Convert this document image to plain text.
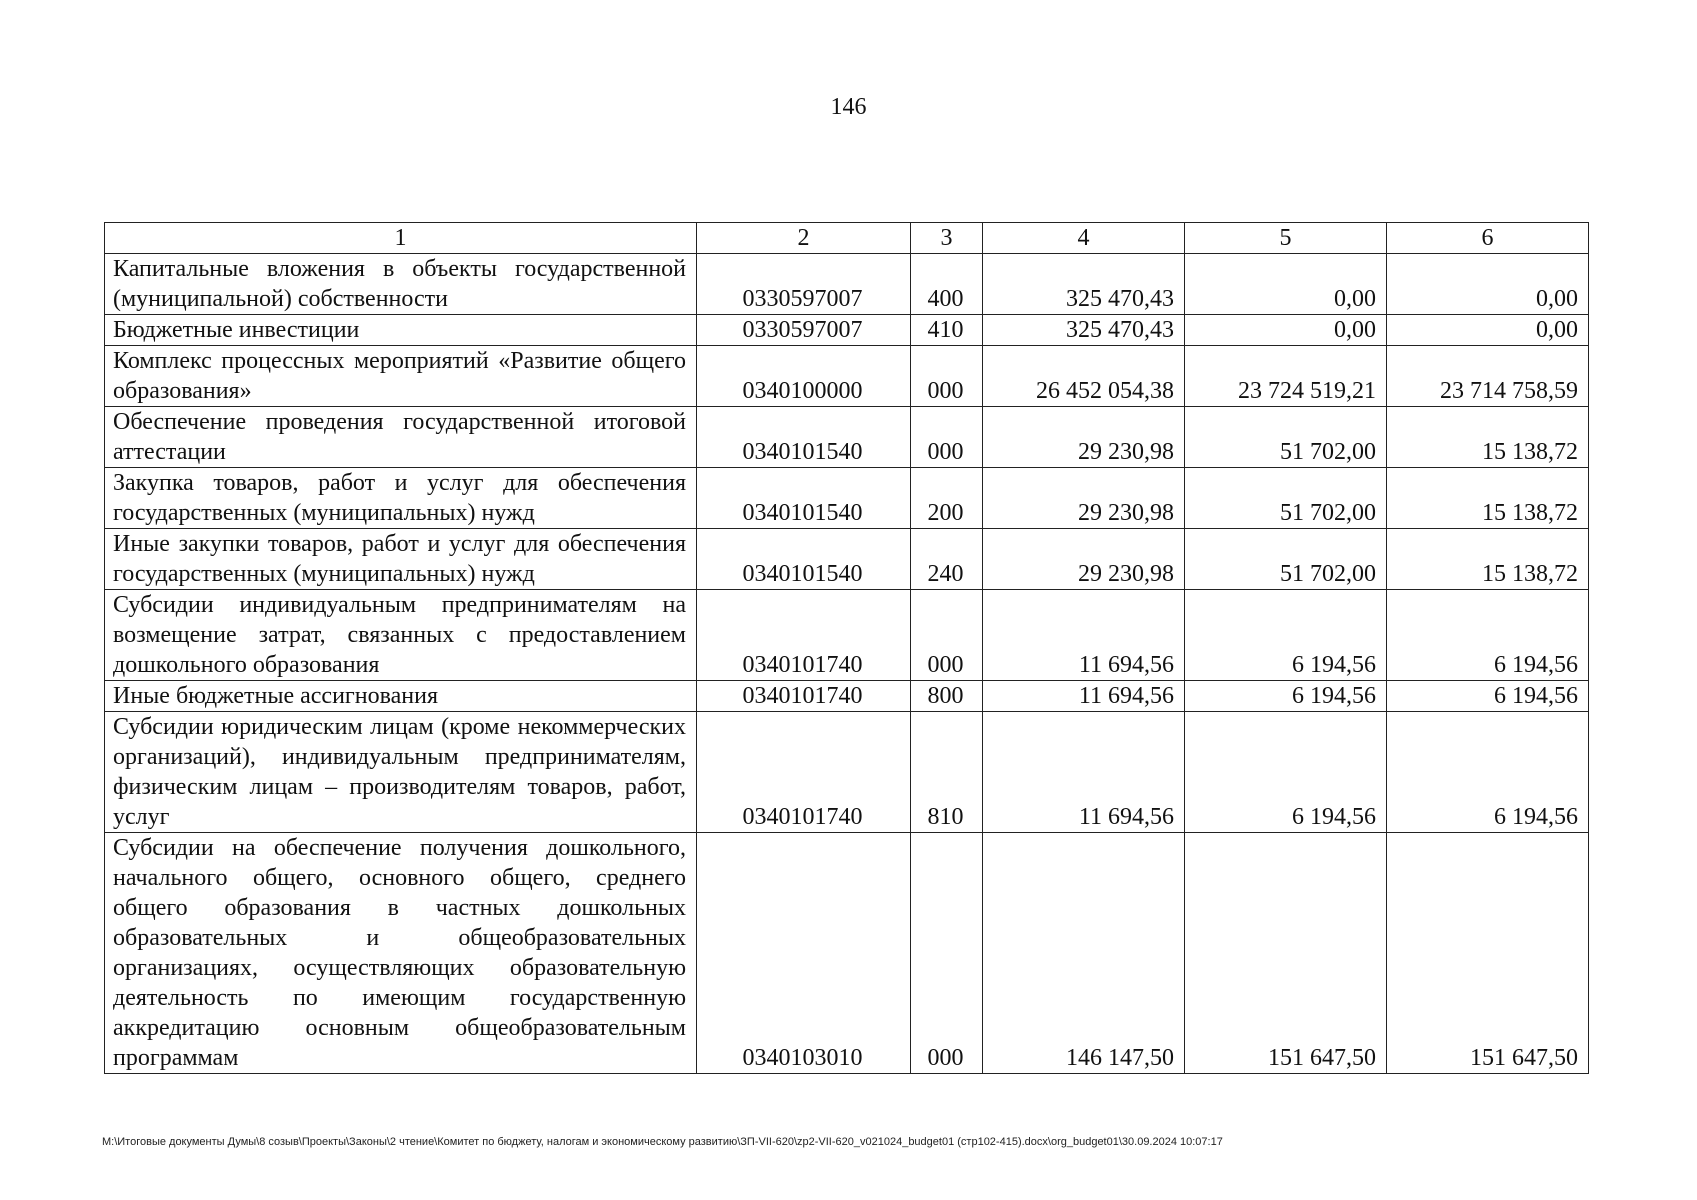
146
1	2	3	4	5	6
Капитальные вложения в объекты государственной (муниципальной) собственности	0330597007	400	325 470,43	0,00	0,00
Бюджетные инвестиции	0330597007	410	325 470,43	0,00	0,00
Комплекс процессных мероприятий «Развитие общего образования»	0340100000	000	26 452 054,38	23 724 519,21	23 714 758,59
Обеспечение проведения государственной итоговой аттестации	0340101540	000	29 230,98	51 702,00	15 138,72
Закупка товаров, работ и услуг для обеспечения государственных (муниципальных) нужд	0340101540	200	29 230,98	51 702,00	15 138,72
Иные закупки товаров, работ и услуг для обеспечения государственных (муниципальных) нужд	0340101540	240	29 230,98	51 702,00	15 138,72
Субсидии индивидуальным предпринимателям на возмещение затрат, связанных с предоставлением дошкольного образования	0340101740	000	11 694,56	6 194,56	6 194,56
Иные бюджетные ассигнования	0340101740	800	11 694,56	6 194,56	6 194,56
Субсидии юридическим лицам (кроме некоммерческих организаций), индивидуальным предпринимателям, физическим лицам – производителям товаров, работ, услуг	0340101740	810	11 694,56	6 194,56	6 194,56
Субсидии на обеспечение получения дошкольного, начального общего, основного общего, среднего общего образования в частных дошкольных образовательных и общеобразовательных организациях, осуществляющих образовательную деятельность по имеющим государственную аккредитацию основным общеобразовательным программам	0340103010	000	146 147,50	151 647,50	151 647,50
M:\Итоговые документы Думы\8 созыв\Проекты\Законы\2 чтение\Комитет по бюджету, налогам и экономическому развитию\ЗП-VII-620\zp2-VII-620_v021024_budget01 (стр102-415).docx\org_budget01\30.09.2024 10:07:17
